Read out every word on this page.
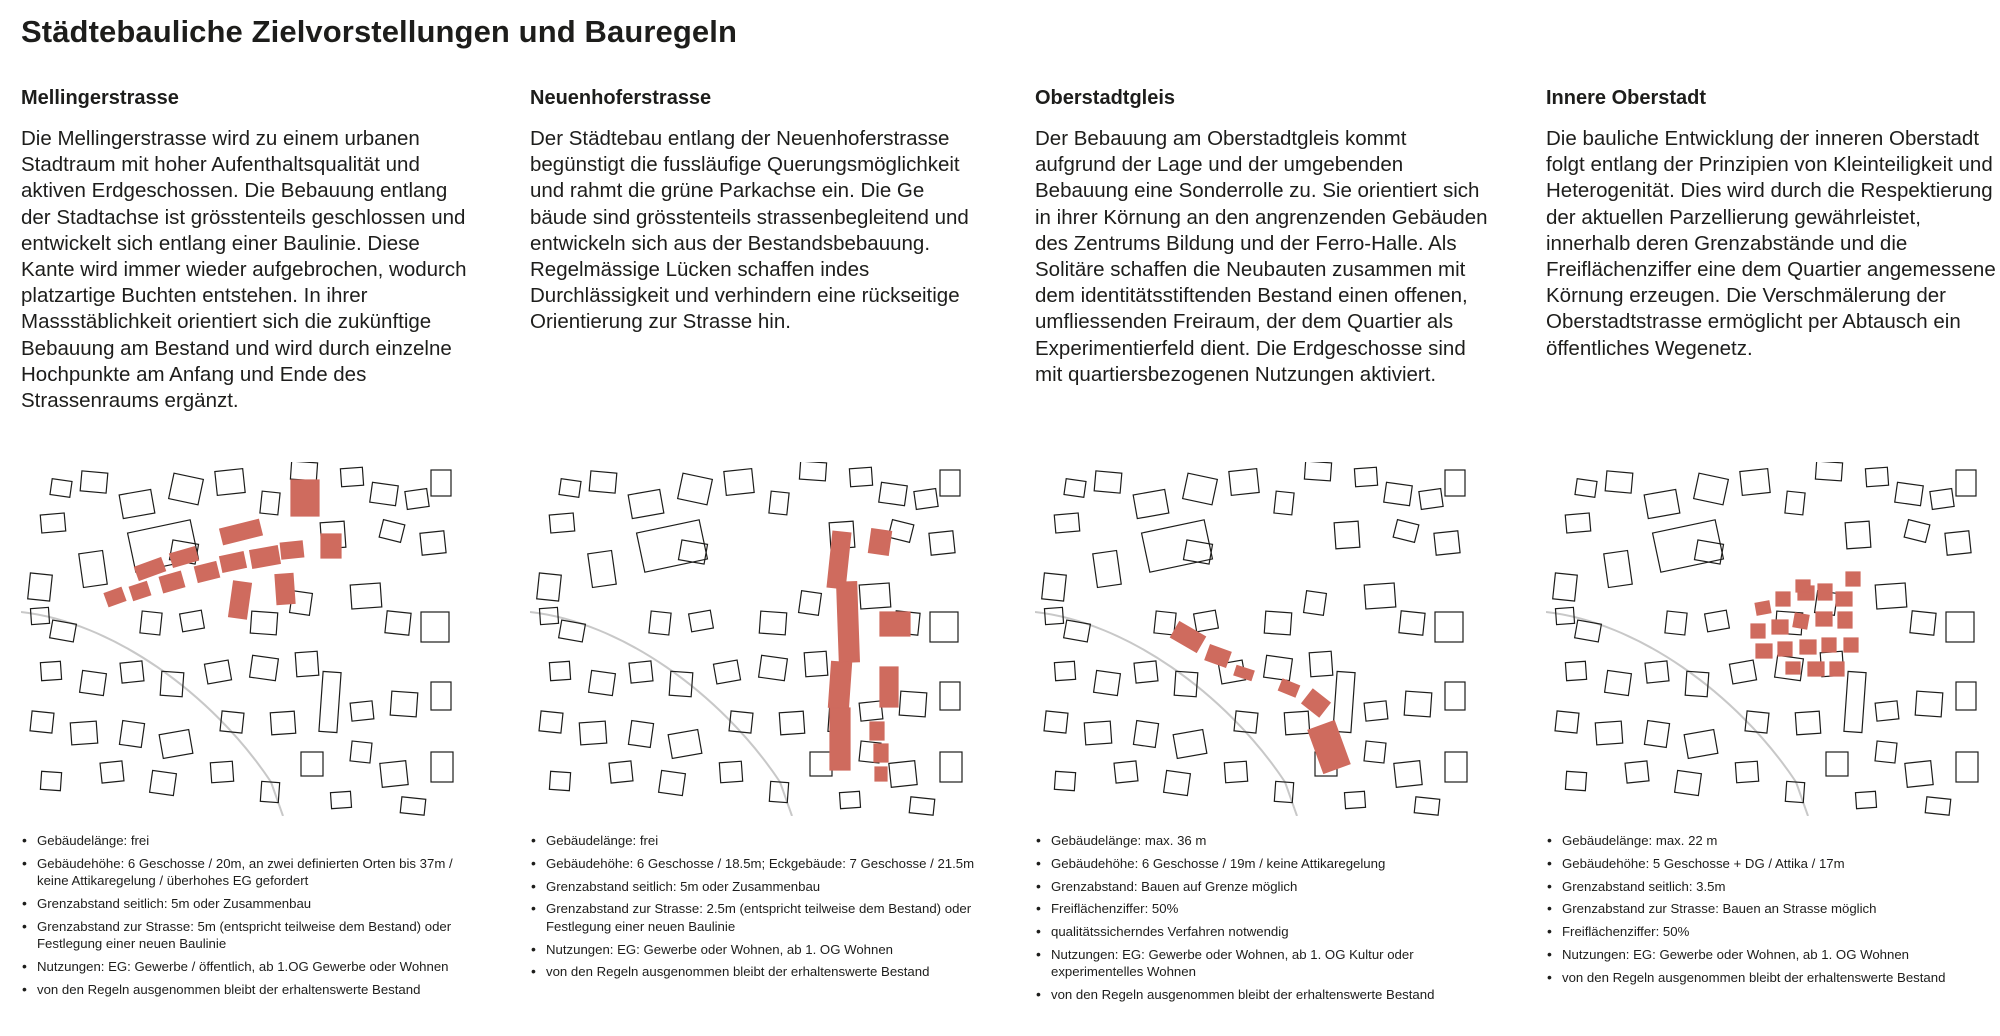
Städtebauliche Zielvorstellungen und Bauregeln
Mellingerstrasse

Die Mellingerstrasse wird zu einem urbanen Stadtraum mit hoher Aufenthaltsqualität und aktiven Erdgeschossen. Die Bebauung entlang der Stadtachse ist grösstenteils geschlossen und entwickelt sich entlang einer Baulinie. Diese Kante wird immer wieder aufgebrochen, wodurch platzartige Buchten entstehen. In ihrer Massstäblichkeit orientiert sich die zukünftige Bebauung am Bestand und wird durch einzelne Hochpunkte am Anfang und Ende des Strassenraums ergänzt.

• Gebäudelänge: frei
• Gebäudehöhe: 6 Geschosse / 20m, an zwei definierten Orten bis 37m / keine Attikaregelung / überhohes EG gefordert
• Grenzabstand seitlich: 5m oder Zusammenbau
• Grenzabstand zur Strasse: 5m (entspricht teilweise dem Bestand) oder Festlegung einer neuen Baulinie
• Nutzungen: EG: Gewerbe / öffentlich, ab 1.OG Gewerbe oder Wohnen
• von den Regeln ausgenommen bleibt der erhaltenswerte Bestand
Neuenhoferstrasse

Der Städtebau entlang der Neuenhoferstrasse begünstigt die fussläufige Querungsmöglichkeit und rahmt die grüne Parkachse ein. Die Ge bäude sind grösstenteils strassenbegleitend und entwickeln sich aus der Bestandsbebauung. Regelmässige Lücken schaffen indes Durchlässigkeit und verhindern eine rückseitige Orientierung zur Strasse hin.

• Gebäudelänge: frei
• Gebäudehöhe: 6 Geschosse / 18.5m; Eckgebäude: 7 Geschosse / 21.5m
• Grenzabstand seitlich: 5m oder Zusammenbau
• Grenzabstand zur Strasse: 2.5m (entspricht teilweise dem Bestand) oder Festlegung einer neuen Baulinie
• Nutzungen: EG: Gewerbe oder Wohnen, ab 1. OG Wohnen
• von den Regeln ausgenommen bleibt der erhaltenswerte Bestand
Oberstadtgleis

Der Bebauung am Oberstadtgleis kommt aufgrund der Lage und der umgebenden Bebauung eine Sonderrolle zu. Sie orientiert sich in ihrer Körnung an den angrenzenden Gebäuden des Zentrums Bildung und der Ferro-Halle. Als Solitäre schaffen die Neubauten zusammen mit dem identitätsstiftenden Bestand einen offenen, umfliessenden Freiraum, der dem Quartier als Experimentierfeld dient. Die Erdgeschosse sind mit quartiersbezogenen Nutzungen aktiviert.

• Gebäudelänge: max. 36 m
• Gebäudehöhe: 6 Geschosse / 19m / keine Attikaregelung
• Grenzabstand: Bauen auf Grenze möglich
• Freiflächenziffer: 50%
• qualitätssicherndes Verfahren notwendig
• Nutzungen: EG: Gewerbe oder Wohnen, ab 1. OG Kultur oder experimentelles Wohnen
• von den Regeln ausgenommen bleibt der erhaltenswerte Bestand
Innere Oberstadt

Die bauliche Entwicklung der inneren Oberstadt folgt entlang der Prinzipien von Kleinteiligkeit und Heterogenität. Dies wird durch die Respektierung der aktuellen Parzellierung gewährleistet, innerhalb deren Grenzabstände und die Freiflächenziffer eine dem Quartier angemessene Körnung erzeugen. Die Verschmälerung der Oberstadtstrasse ermöglicht per Abtausch ein öffentliches Wegenetz.

• Gebäudelänge: max. 22 m
• Gebäudehöhe: 5 Geschosse + DG / Attika / 17m
• Grenzabstand seitlich: 3.5m
• Grenzabstand zur Strasse: Bauen an Strasse möglich
• Freiflächenziffer: 50%
• Nutzungen: EG: Gewerbe oder Wohnen, ab 1. OG Wohnen
• von den Regeln ausgenommen bleibt der erhaltenswerte Bestand
